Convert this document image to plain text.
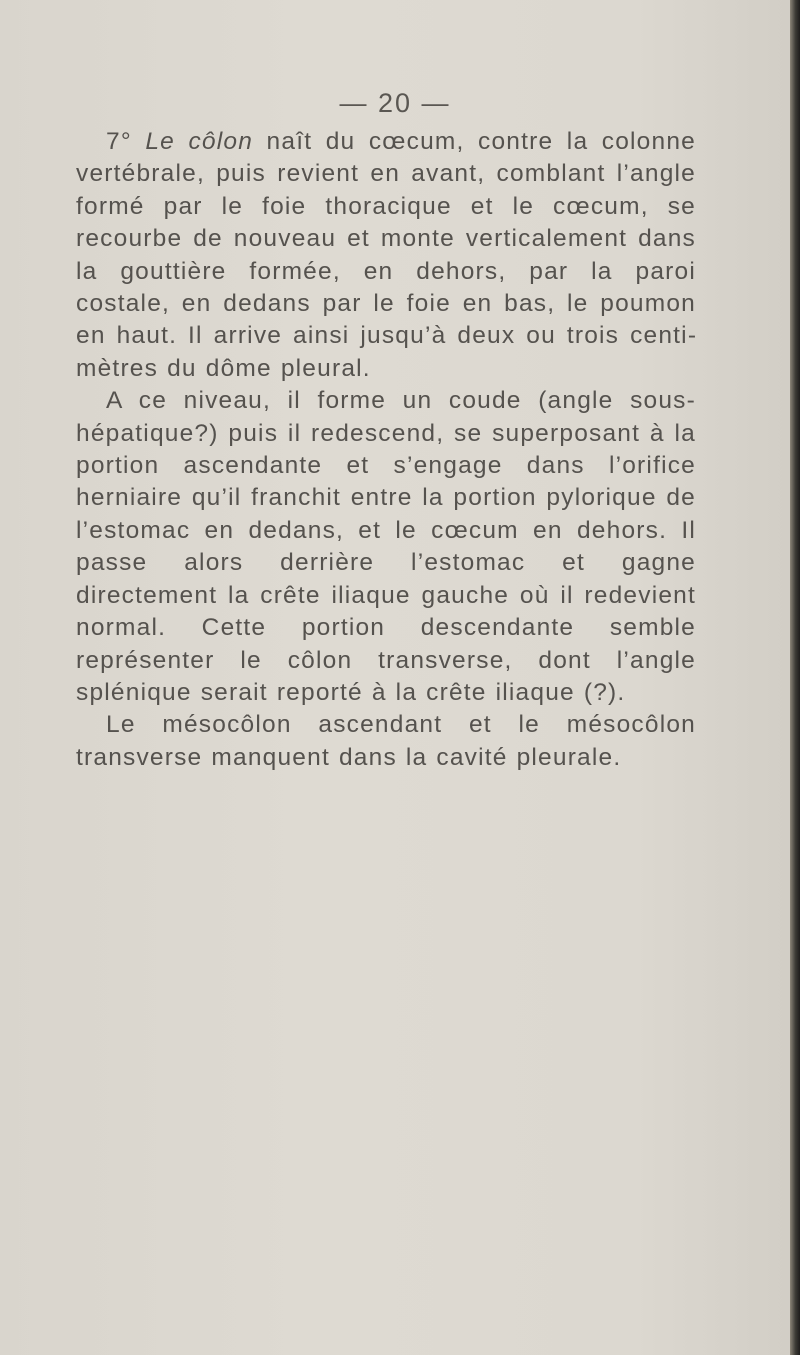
— 20 —

7° Le côlon naît du cœcum, contre la colonne vertébrale, puis revient en avant, comblant l’angle formé par le foie thoracique et le cœcum, se recourbe de nouveau et monte verticalement dans la gouttière formée, en dehors, par la paroi costale, en dedans par le foie en bas, le poumon en haut. Il arrive ainsi jusqu’à deux ou trois centimètres du dôme pleural.

A ce niveau, il forme un coude (angle sous-hépatique?) puis il redescend, se superposant à la portion ascendante et s’engage dans l’orifice herniaire qu’il franchit entre la portion pylorique de l’estomac en dedans, et le cœcum en dehors. Il passe alors derrière l’estomac et gagne directement la crête iliaque gauche où il redevient normal. Cette portion descendante semble représenter le côlon transverse, dont l’angle splénique serait reporté à la crête iliaque (?).

Le mésocôlon ascendant et le mésocôlon transverse manquent dans la cavité pleurale.
